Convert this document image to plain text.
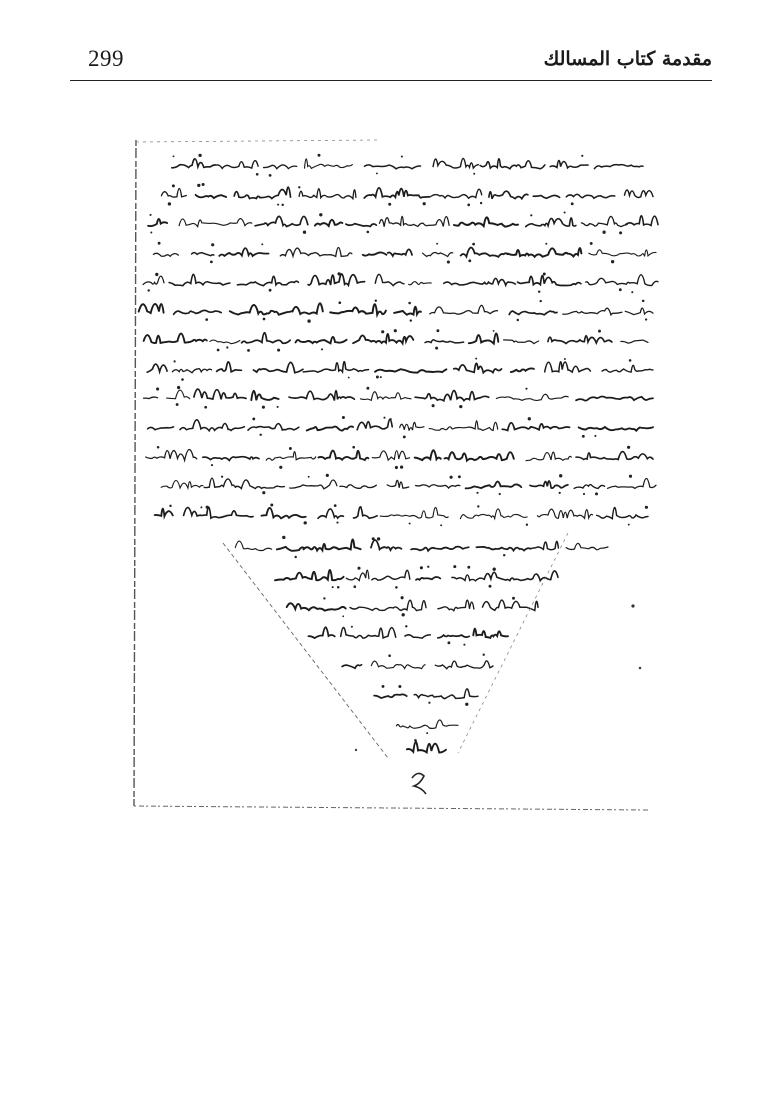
299	مقدمة كتاب المسالك
